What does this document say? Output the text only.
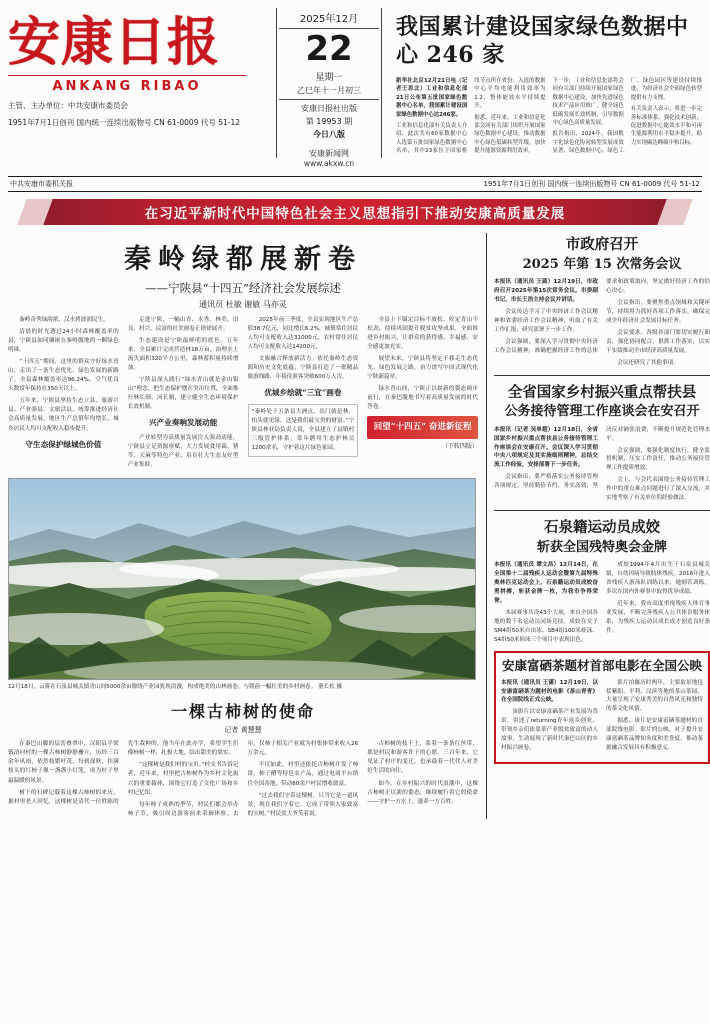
安康日报
ANKANG RIBAO
主管、主办单位：中共安康市委员会
1951年7月1日创刊 国内统一连续出版物号 CN 61-0009 代号 51-12
2025年12月
22
星期一
乙巳年十一月初三
安康日报社出版
第 19953 期
今日八版
安康新闻网
www.akxw.cn
我国累计建设国家绿色数据中心 246 家

新华社北京12月21日电（记者王思北）工业和信息化部21日公布第五批国家绿色数据中心名单，我国累计建设国家绿色数据中心达246家。

工业和信息化部有关负责人介绍，此次共有60家数据中心入选第五批国家绿色数据中心名单，其中23家位于国家枢纽节点所在省份。入选的数据中心平均电能利用效率为1.2，整体能效水平持续提升。

据悉，近年来，工业和信息化部会同有关部门组织开展国家绿色数据中心建设，推动数据中心绿色低碳转型升级，加快提升能源资源利用效率。

下一步，工业和信息化部将会同有关部门持续开展国家绿色数据中心建设，加快先进绿色技术产品应用推广，健全绿色低碳发展长效机制，引导数据中心绿色高质量发展。

报告指出，2024年，我国数字化绿色化协同转型发展成效显著，绿色数据中心、绿色工厂、绿色园区等建设持续推进，为经济社会全面绿色转型提供有力支撑。

有关负责人表示，将进一步完善标准体系，强化技术创新，促进数据中心能效水平和可再生能源利用水平稳步提升，助力实现碳达峰碳中和目标。

中共安康市委机关报	1951年7月1日创刊 国内统一连续出版物号 CN 61-0009 代号 51-12
在习近平新时代中国特色社会主义思想指引下推动安康高质量发展
秦岭绿都展新卷
——宁陕县“十四五”经济社会发展综述
通讯员 杜敏 谢敏 马亦灵

秦岭奇秀绿韵浓，汉水碧波润民生。

清晨的时光透过24小时森林覆盖率的县，宁陕县如同镶嵌在秦岭腹地的一颗绿色明珠。

“十四五”期间，这里的群众守好绿水青山，走出了一条生态优先、绿色发展的新路子。全县森林覆盖率达96.24%，空气优良天数常年保持在350天以上。

五年来，宁陕县坚持生态立县、旅游兴县、产业强县、文旅活县，统筹推进经济社会高质量发展，地区生产总值年均增长，城乡居民人均可支配收入稳步提升。

守生态保护绿城色价值

走进宁陕，一幅山青、水秀、林美、田良、村兴、民富的壮美画卷正徐徐展开。

生态建设是宁陕最鲜明的底色。五年来，全县累计完成营造林18万亩，治理水土流失面积320平方公里，森林蓄积量持续增加。

宁陕县深入践行“绿水青山就是金山银山”理念，把生态保护摆在突出位置，全面推行林长制、河长制，建立健全生态环境保护长效机制。

兴产业奏响发展动能

产业转型为高质量发展注入强劲动能。宁陕县立足资源禀赋，大力发展食用菌、猪苓、天麻等特色产业，培育壮大生态友好型产业集群。

2025年前三季度，全县实现地区生产总值38.7亿元，同比增长6.2%，城镇常住居民人均可支配收入达31000元，农村常住居民人均可支配收入达14200元。

文旅融合释放新活力。依托秦岭生态资源和历史文化底蕴，宁陕县打造了一批精品旅游线路，年接待游客突破600万人次。

优城乡绘就“三宜”画卷
“秦岭处于五条县大洲点，出门就是林，抬头就见绿，这是我们最宝贵的财富。”宁陕县林业局负责人说，全县建立了县镇村三级管护体系，常年聘用生态护林员1200余名，守护着这片绿色家园。

全县上下锚定目标不放松、咬定青山不松劲，持续巩固提升脱贫攻坚成果，全面推进乡村振兴，让群众的获得感、幸福感、安全感更加充实。

展望未来，宁陕县将坚定不移走生态优先、绿色发展之路，奋力谱写中国式现代化宁陕新篇章。

绿水青山间，宁陕正以崭新的姿态阔步前行，在秦巴腹地书写着高质量发展的时代答卷。

回望“十四五” 奋进新征程
（下转四版）
12月18日，云雾在石泉县城关镇青山间5000余亩缭绕产业园犹现浪漫，构成绝美的山林画卷，与朝前一幅壮美的乡村画卷。 董长松 摄
一棵古柿树的使命
记者 黄慧慧

在秦巴山脚的层峦叠翠中，汉阳县平梁镇清河村的一棵古柿树静静矗立，历经三百余年风雨，依然枝繁叶茂，每到深秋，挂满枝头的红柿子像一盏盏小灯笼，成为村子里最温暖的风景。

树下的石碑记载着这棵古柿树的来历。据村里老人回忆，这棵树是清代一位姓陈的先生栽种的，他当年在此办学，希望学生们像柿树一样，扎根大地，结出甜美的果实。

“这棵树是我们村的宝贝。”村支书告诉记者，近年来，村里把古柿树作为乡村文化振兴的重要载体，围绕它打造了文化广场和乡村记忆馆。

每年柿子成熟的季节，村民们都会举办柿子节，吸引周边游客前来采摘体验。去年，仅柿子相关产业就为村集体带来收入26万余元。

不仅如此，村里还依托古柿树开发了柿饼、柿子醋等特色农产品，通过电商平台销往全国各地，带动60余户村民增收致富。

“过去我们守着这棵树，只当它是一道风景；现在我们守着它，它成了带领大家致富的宝树。”村民张大爷笑着说。

古柿树的枝干上，系着一条条红丝带，那是村民和游客许下的心愿。三百年来，它见证了村庄的变迁，也承载着一代代人对美好生活的向往。

如今，在乡村振兴的时代浪潮中，这棵古柿树正以新的姿态，继续履行着它的使命——守护一方水土，滋养一方百姓。

市政府召开
2025 年第 15 次常务会议

本报讯（通讯员 王圆）12月19日，市政府召开2025年第15次常务会议。市委副书记、市长王浩主持会议并讲话。

会议传达学习了中央经济工作会议精神和省委经济工作会议精神，听取了有关工作汇报，研究部署下一步工作。

会议强调，要深入学习贯彻中央经济工作会议精神，准确把握经济工作的总体要求和政策取向，坚定做好经济工作的信心决心。

会议指出，要聚焦重点领域和关键环节，持续用力抓好各项工作落实，确保完成全年经济社会发展目标任务。

会议要求，各级各部门要切实履行职责，强化协同配合，狠抓工作落实，以实干实绩推动全市经济高质量发展。

会议还研究了其他事项。

全省国家乡村振兴重点帮扶县
公务接待管理工作座谈会在安召开

本报讯（记者 吴单超）12月18日，全省国家乡村振兴重点帮扶县公务接待管理工作座谈会在安康召开。会议深入学习贯彻中央八项规定及其实施细则精神，总结交流工作经验，安排部署下一步任务。

会议指出，要严格落实公务接待管理各项规定，坚持勤俭节约、务实高效，坚决反对铺张浪费，不断提升规范化管理水平。

会议强调，要强化制度执行，健全监督机制，压实工作责任，推动公务接待管理工作提质增效。

会上，与会代表围绕公务接待管理工作中的重点难点问题进行了深入交流，并实地考察了有关单位的经验做法。

石泉籍运动员成姣
斩获全国残特奥会金牌

本报讯（通讯员 谭文昌）12月14日，在全国第十二届残疾人运动会暨第九届特殊奥林匹克运动会上，石泉籍运动员成姣奋勇拼搏，斩获金牌一枚，为我市争得荣誉。

本届赛事共设43个大项，来自全国各地的数千名运动员同场竞技。成姣在女子SM4组50米自由泳、SB4组100米蛙泳、S4组50米仰泳三个项目中表现出色。

成姣1994年4月出生于石泉县城关镇，自幼因病导致肢体残疾。2016年进入省残疾人游泳队训练以来，她刻苦训练，多次在国内外赛事中取得优异成绩。

近年来，我市高度重视残疾人体育事业发展，不断完善残疾人公共体育服务体系，为残疾人运动员成长成才创造良好条件。

安康富硒茶题材首部电影在全国公映

本报讯（通讯员 王潇）12月19日，以安康富硒茶为题材的电影《茶山青青》在全国院线正式公映。

该影片以安康富硒茶产业发展为背景，讲述了returning青年返乡创业、带领乡亲们依靠茶产业脱贫致富的动人故事，生动展现了新时代秦巴山区的乡村振兴画卷。

影片拍摄历时两年，主要取景地包括紫阳、平利、汉滨等地的茶山茶园，大量呈现了安康秀美的自然风光和独特的茶文化风情。

据悉，该片是安康富硒茶题材的首部院线电影。影片的公映，对于提升安康富硒茶品牌知名度和美誉度、推动茶旅融合发展具有积极意义。
